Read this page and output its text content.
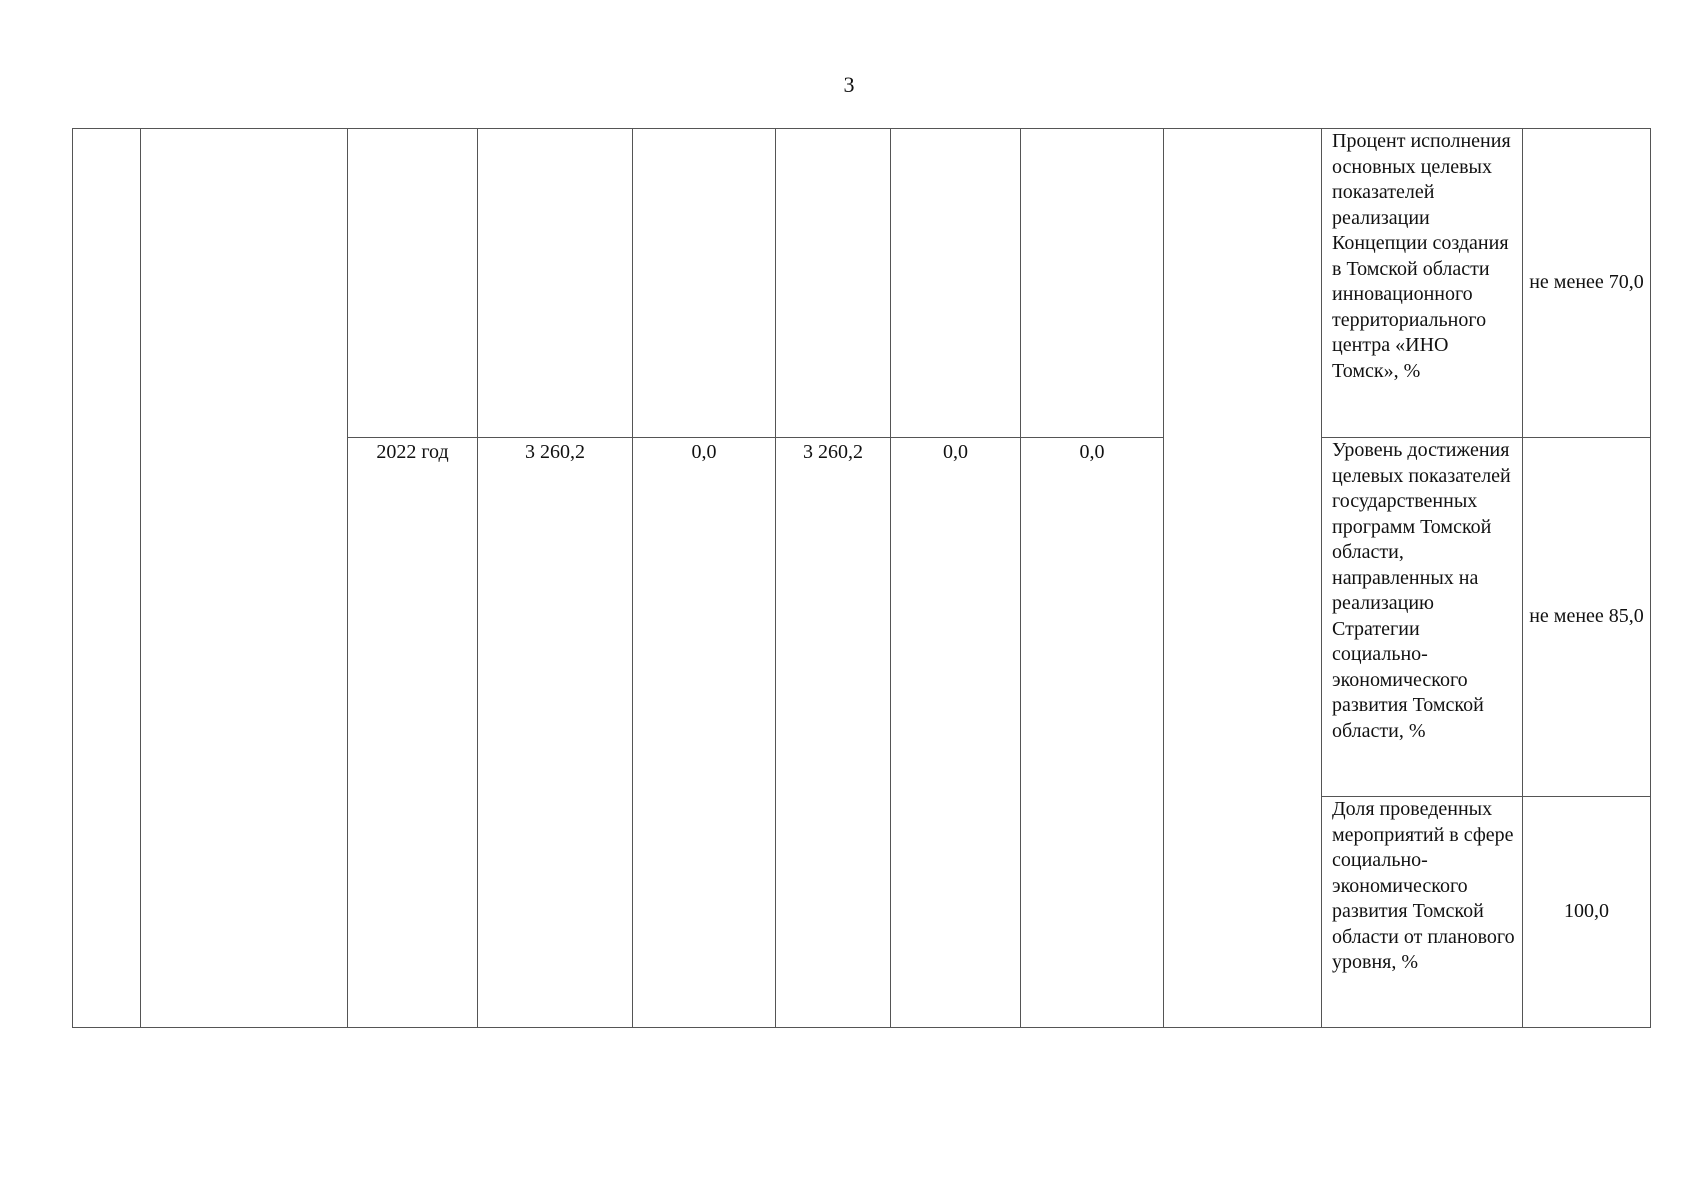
3
									Процент исполнения основных целевых показателей реализации Концепции создания в Томской области инновационного территориального центра «ИНО Томск», %	не менее 70,0
		2022 год	3 260,2	0,0	3 260,2	0,0	0,0		Уровень достижения целевых показателей государственных программ Томской области, направленных на реализацию Стратегии социально-экономического развития Томской области, %	не менее 85,0
									Доля проведенных мероприятий в сфере социально-экономического развития Томской области от планового уровня, %	100,0
